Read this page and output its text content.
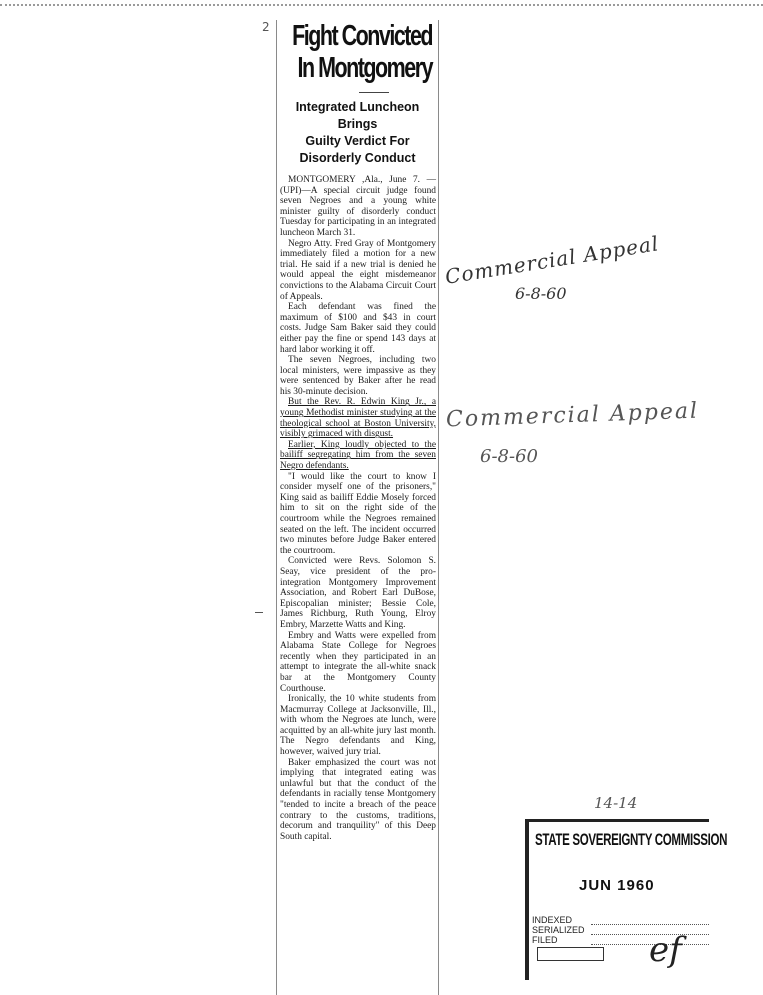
2 Fight Convicted
In Montgomery
Integrated Luncheon Brings
Guilty Verdict For
Disorderly Conduct

MONTGOMERY ,Ala., June 7. —(UPI)—A special circuit judge found seven Negroes and a young white minister guilty of disorderly conduct Tuesday for participating in an integrated luncheon March 31.

Negro Atty. Fred Gray of Montgomery immediately filed a motion for a new trial. He said if a new trial is denied he would appeal the eight misdemeanor convictions to the Alabama Circuit Court of Appeals.

Each defendant was fined the maximum of $100 and $43 in court costs. Judge Sam Baker said they could either pay the fine or spend 143 days at hard labor working it off.

The seven Negroes, including two local ministers, were impassive as they were sentenced by Baker after he read his 30-minute decision.

But the Rev. R. Edwin King Jr., a young Methodist minister studying at the theological school at Boston University, visibly grimaced with disgust.

Earlier, King loudly objected to the bailiff segregating him from the seven Negro defendants.

"I would like the court to know I consider myself one of the prisoners," King said as bailiff Eddie Mosely forced him to sit on the right side of the courtroom while the Negroes remained seated on the left. The incident occurred two minutes before Judge Baker entered the courtroom.

Convicted were Revs. Solomon S. Seay, vice president of the pro-integration Montgomery Improvement Association, and Robert Earl DuBose, Episcopalian minister; Bessie Cole, James Richburg, Ruth Young, Elroy Embry, Marzette Watts and King.

Embry and Watts were expelled from Alabama State College for Negroes recently when they participated in an attempt to integrate the all-white snack bar at the Montgomery County Courthouse.

Ironically, the 10 white students from Macmurray College at Jacksonville, Ill., with whom the Negroes ate lunch, were acquitted by an all-white jury last month. The Negro defendants and King, however, waived jury trial.

Baker emphasized the court was not implying that integrated eating was unlawful but that the conduct of the defendants in racially tense Montgomery "tended to incite a breach of the peace contrary to the customs, traditions, decorum and tranquility" of this Deep South capital.

Commercial Appeal
6-8-60
Commercial Appeal
6-8-60
14-14
STATE SOVEREIGNTY COMMISSION
JUN 1960
INDEXED
SERIALIZED
FILED	ef
